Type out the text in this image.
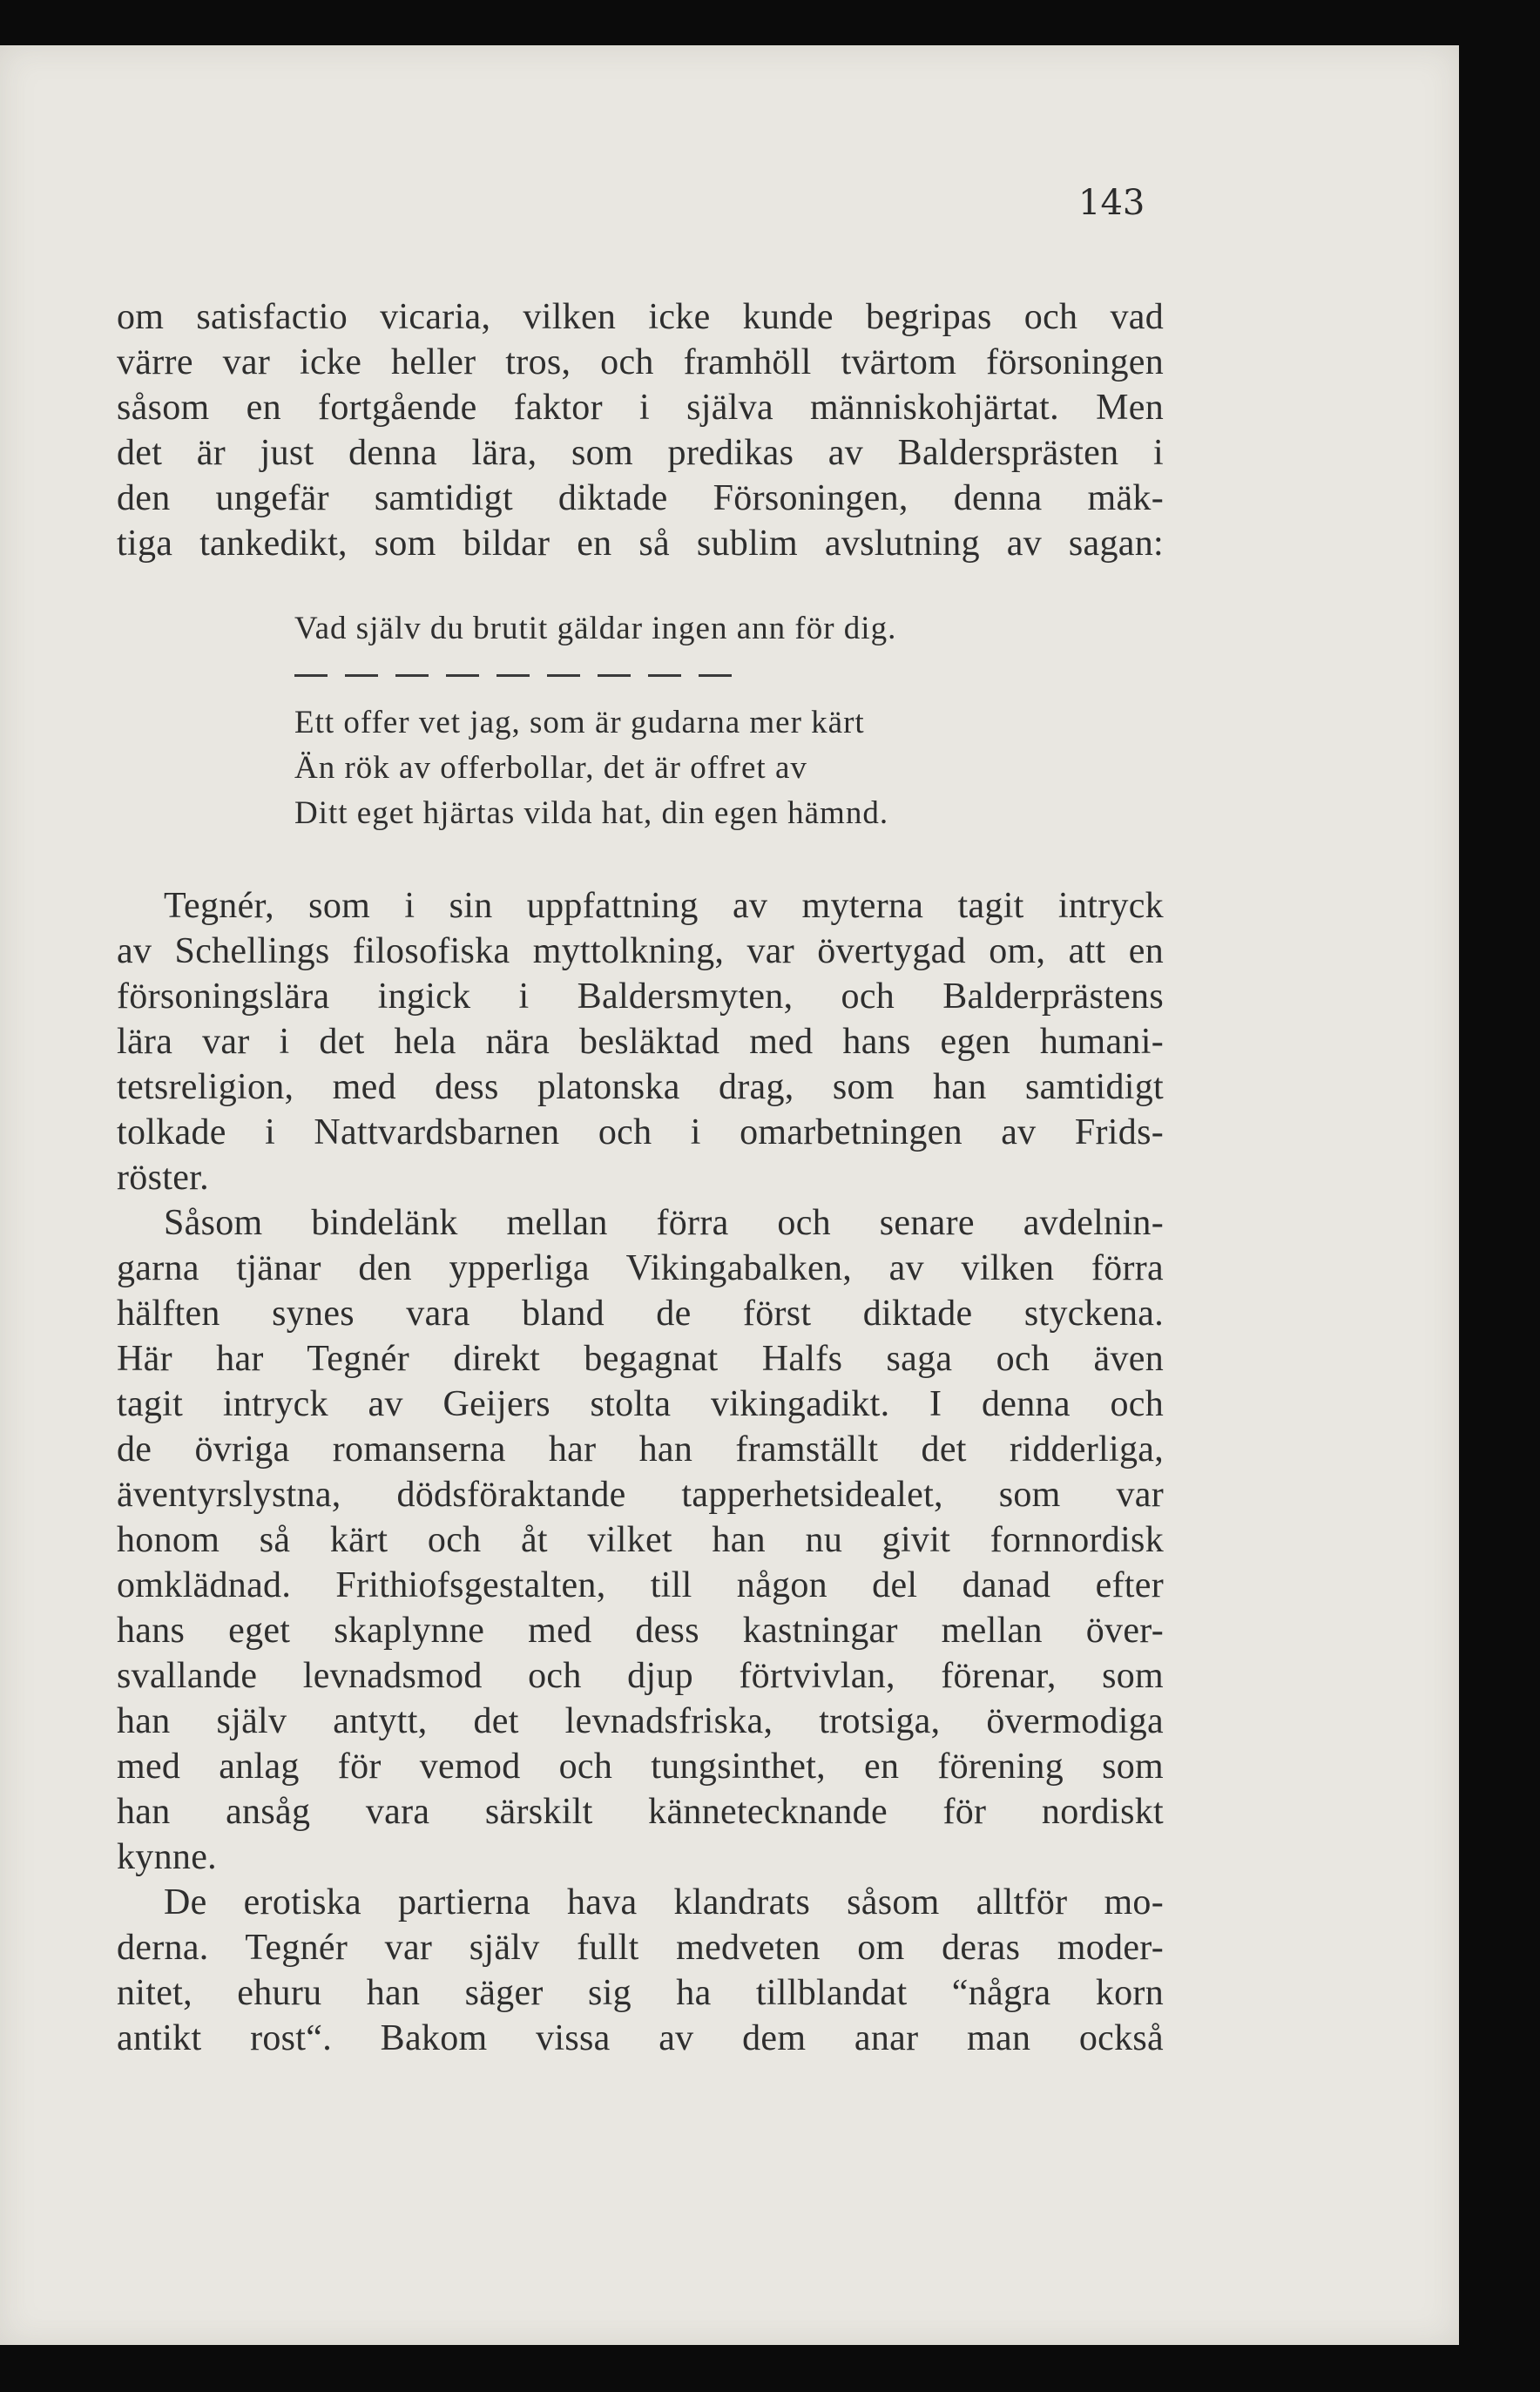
143
om satisfactio vicaria, vilken icke kunde begripas och vad
värre var icke heller tros, och framhöll tvärtom försoningen
såsom en fortgående faktor i själva människohjärtat. Men
det är just denna lära, som predikas av Baldersprästen i
den ungefär samtidigt diktade Försoningen, denna mäk-
tiga tankedikt, som bildar en så sublim avslutning av sagan:
Vad själv du brutit gäldar ingen ann för dig.
Ett offer vet jag, som är gudarna mer kärt
Än rök av offerbollar, det är offret av
Ditt eget hjärtas vilda hat, din egen hämnd.
Tegnér, som i sin uppfattning av myterna tagit intryck
av Schellings filosofiska myttolkning, var övertygad om, att en
försoningslära ingick i Baldersmyten, och Balderprästens
lära var i det hela nära besläktad med hans egen humani-
tetsreligion, med dess platonska drag, som han samtidigt
tolkade i Nattvardsbarnen och i omarbetningen av Frids-
röster.
Såsom bindelänk mellan förra och senare avdelnin-
garna tjänar den ypperliga Vikingabalken, av vilken förra
hälften synes vara bland de först diktade styckena.
Här har Tegnér direkt begagnat Halfs saga och även
tagit intryck av Geijers stolta vikingadikt. I denna och
de övriga romanserna har han framställt det ridderliga,
äventyrslystna, dödsföraktande tapperhetsidealet, som var
honom så kärt och åt vilket han nu givit fornnordisk
omklädnad. Frithiofsgestalten, till någon del danad efter
hans eget skaplynne med dess kastningar mellan över-
svallande levnadsmod och djup förtvivlan, förenar, som
han själv antytt, det levnadsfriska, trotsiga, övermodiga
med anlag för vemod och tungsinthet, en förening som
han ansåg vara särskilt kännetecknande för nordiskt
kynne.
De erotiska partierna hava klandrats såsom alltför mo-
derna. Tegnér var själv fullt medveten om deras moder-
nitet, ehuru han säger sig ha tillblandat “några korn
antikt rost“. Bakom vissa av dem anar man också
